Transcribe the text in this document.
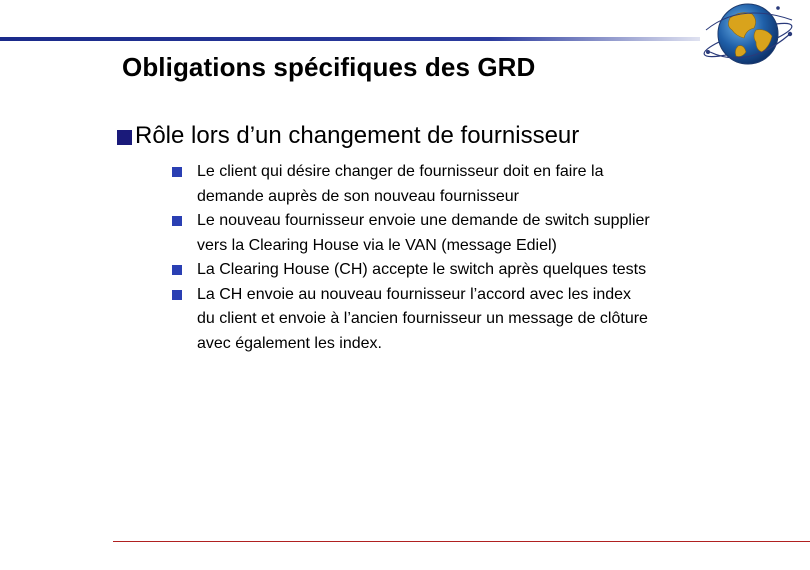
Obligations spécifiques des GRD
Rôle lors d’un changement de fournisseur
Le client qui désire changer de fournisseur doit en faire la
demande auprès de son nouveau fournisseur
Le nouveau fournisseur envoie une demande de switch supplier
vers la Clearing House via le VAN (message Ediel)
La Clearing House (CH) accepte le switch après quelques tests
La CH envoie au nouveau fournisseur l’accord avec les index
du client et envoie à l’ancien fournisseur un message de clôture
avec également les index.
